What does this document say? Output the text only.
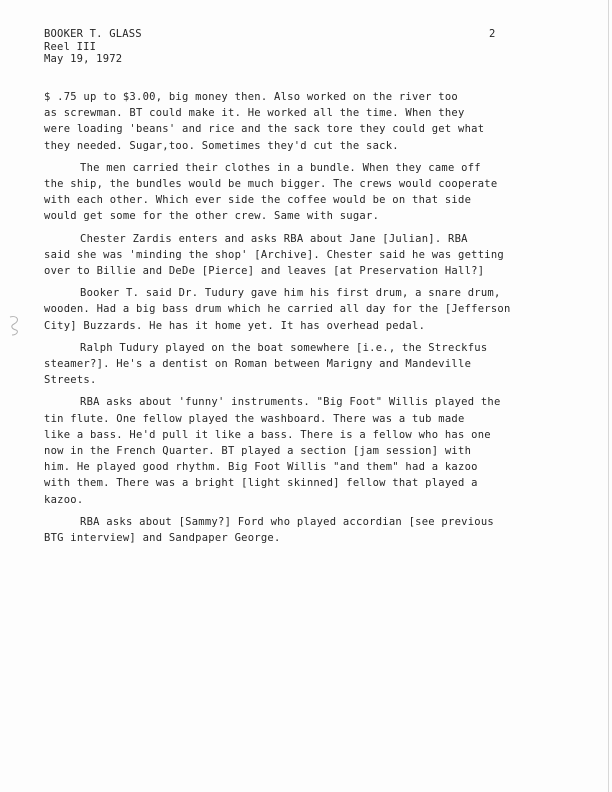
BOOKER T. GLASS
Reel III
May 19, 1972
2
$ .75 up to $3.00, big money then. Also worked on the river too
as screwman. BT could make it. He worked all the time. When they
were loading 'beans' and rice and the sack tore they could get what
they needed. Sugar,too. Sometimes they'd cut the sack.
The men carried their clothes in a bundle. When they came off
the ship, the bundles would be much bigger. The crews would cooperate
with each other. Which ever side the coffee would be on that side
would get some for the other crew. Same with sugar.
Chester Zardis enters and asks RBA about Jane [Julian]. RBA
said she was 'minding the shop' [Archive]. Chester said he was getting
over to Billie and DeDe [Pierce] and leaves [at Preservation Hall?]
Booker T. said Dr. Tudury gave him his first drum, a snare drum,
wooden. Had a big bass drum which he carried all day for the [Jefferson
City] Buzzards. He has it home yet. It has overhead pedal.
Ralph Tudury played on the boat somewhere [i.e., the Streckfus
steamer?]. He's a dentist on Roman between Marigny and Mandeville
Streets.
RBA asks about 'funny' instruments. "Big Foot" Willis played the
tin flute. One fellow played the washboard. There was a tub made
like a bass. He'd pull it like a bass. There is a fellow who has one
now in the French Quarter. BT played a section [jam session] with
him. He played good rhythm. Big Foot Willis "and them" had a kazoo
with them. There was a bright [light skinned] fellow that played a
kazoo.
RBA asks about [Sammy?] Ford who played accordian [see previous
BTG interview] and Sandpaper George.
